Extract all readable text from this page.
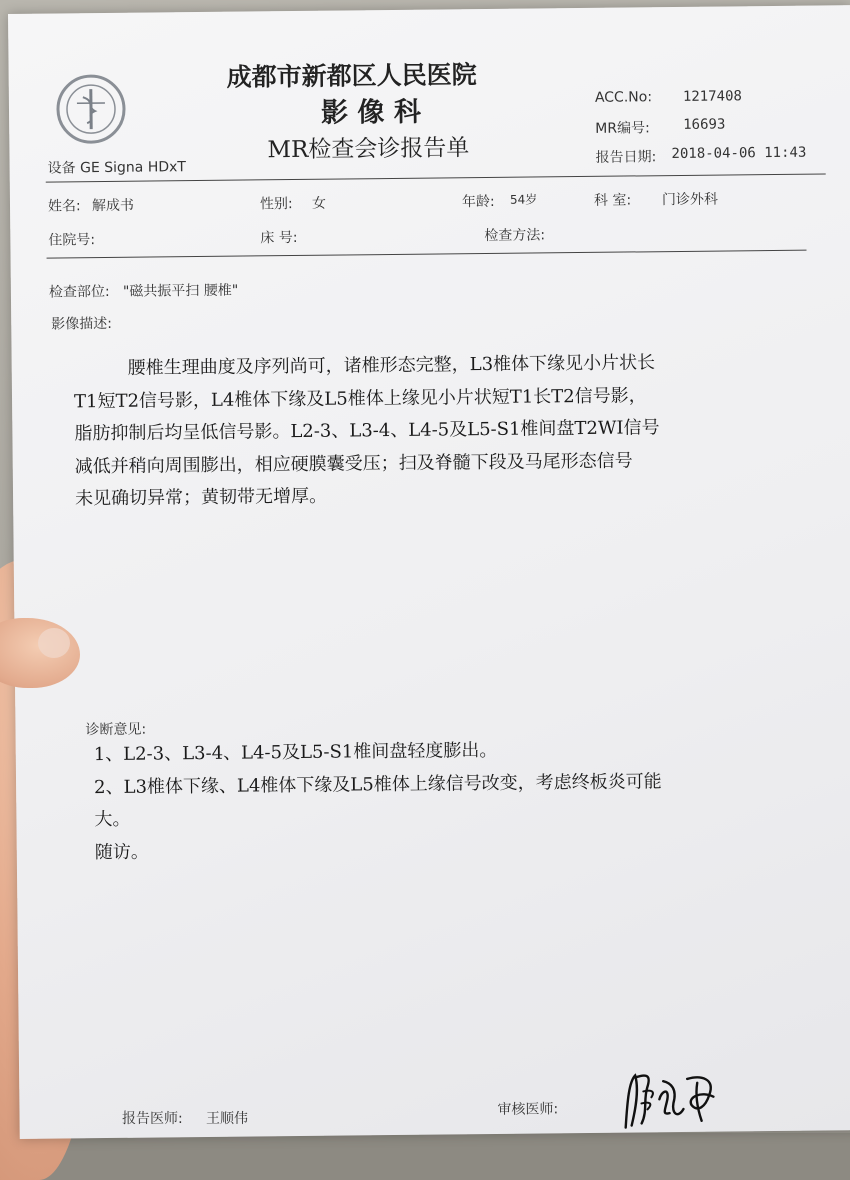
成都市新都区人民医院
影 像 科
MR检查会诊报告单
设备 GE Signa HDxT
ACC.No: 1217408
MR编号: 16693
报告日期: 2018-04-06 11:43
姓名: 解成书	性别: 女	年龄: 54岁	科 室: 门诊外科
住院号:	床 号:	检查方法:
检查部位: "磁共振平扫 腰椎"
影像描述:
腰椎生理曲度及序列尚可，诸椎形态完整，L3椎体下缘见小片状长
T1短T2信号影，L4椎体下缘及L5椎体上缘见小片状短T1长T2信号影，
脂肪抑制后均呈低信号影。L2-3、L3-4、L4-5及L5-S1椎间盘T2WI信号
减低并稍向周围膨出，相应硬膜囊受压；扫及脊髓下段及马尾形态信号
未见确切异常；黄韧带无增厚。
诊断意见:
1、L2-3、L3-4、L4-5及L5-S1椎间盘轻度膨出。
2、L3椎体下缘、L4椎体下缘及L5椎体上缘信号改变，考虑终板炎可能
大。
随访。
审核医师:
报告医师: 王顺伟
